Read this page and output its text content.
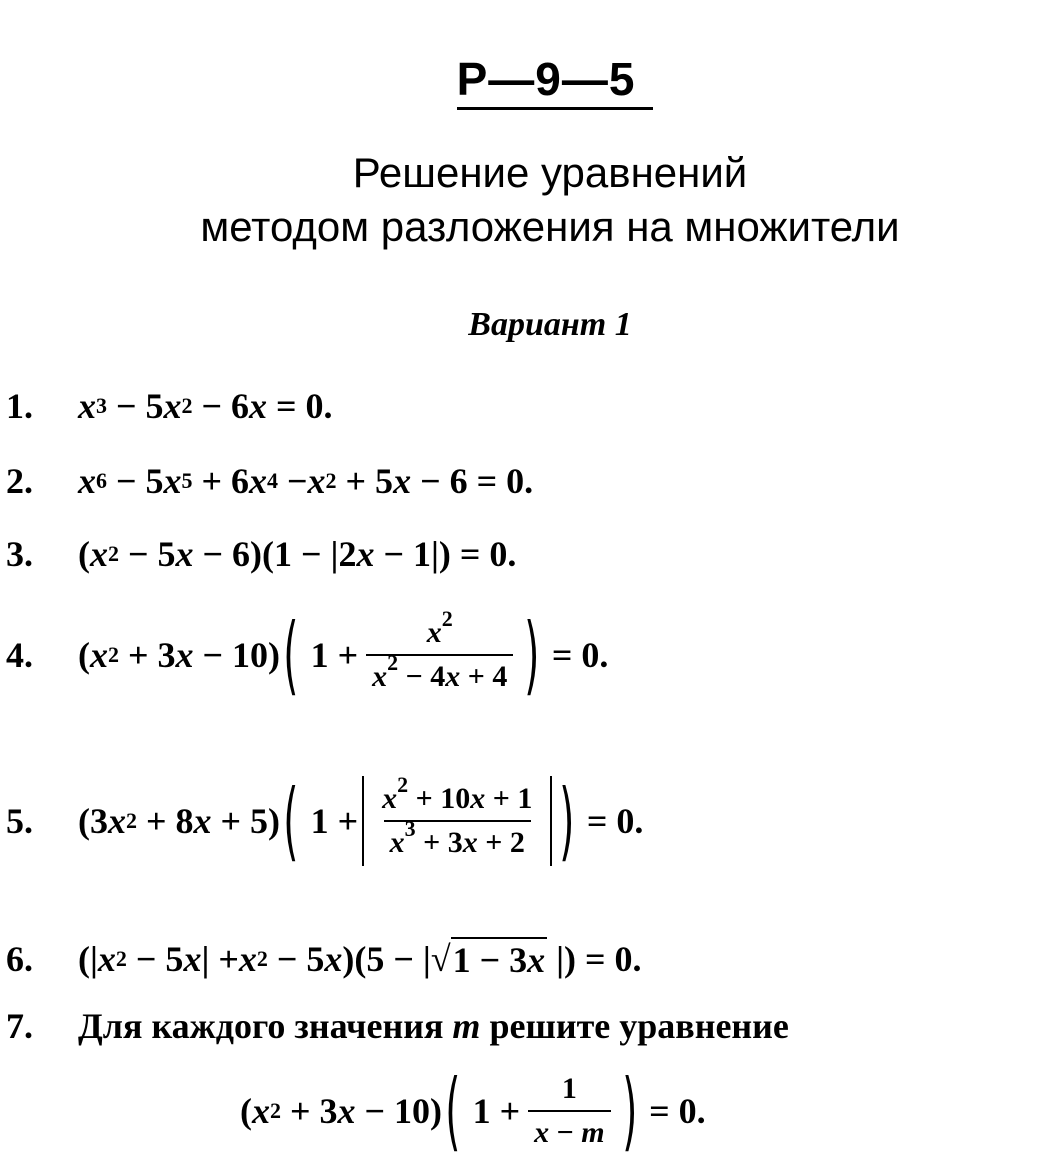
Р—9—5
Решение уравнений
методом разложения на множители
Вариант 1
1.	x 3 − 5 x 2 − 6 x = 0.
2.	x 6 − 5 x 5 + 6 x 4 − x 2 + 5 x − 6 = 0.
3.	( x 2 − 5 x − 6)(1 − |2 x − 1|) = 0.
4.	( x 2 + 3 x − 10) ( $1 + \frac{x^2}{x^2 - 4x + 4}$ ) = 0.
5.	(3 x 2 + 8 x + 5) ( $1 + \frac{x^2 + 10x + 1}{x^3 + 3x + 2}$ ) = 0.
6.	(| x 2 − 5 x | + x 2 − 5 x )(5 − |√ 1 − 3x |) = 0.
7.	Для каждого значения
m
решите уравнение
( x 2 + 3 x − 10) ( $1 + \frac{1}{x - m}$ ) = 0.
